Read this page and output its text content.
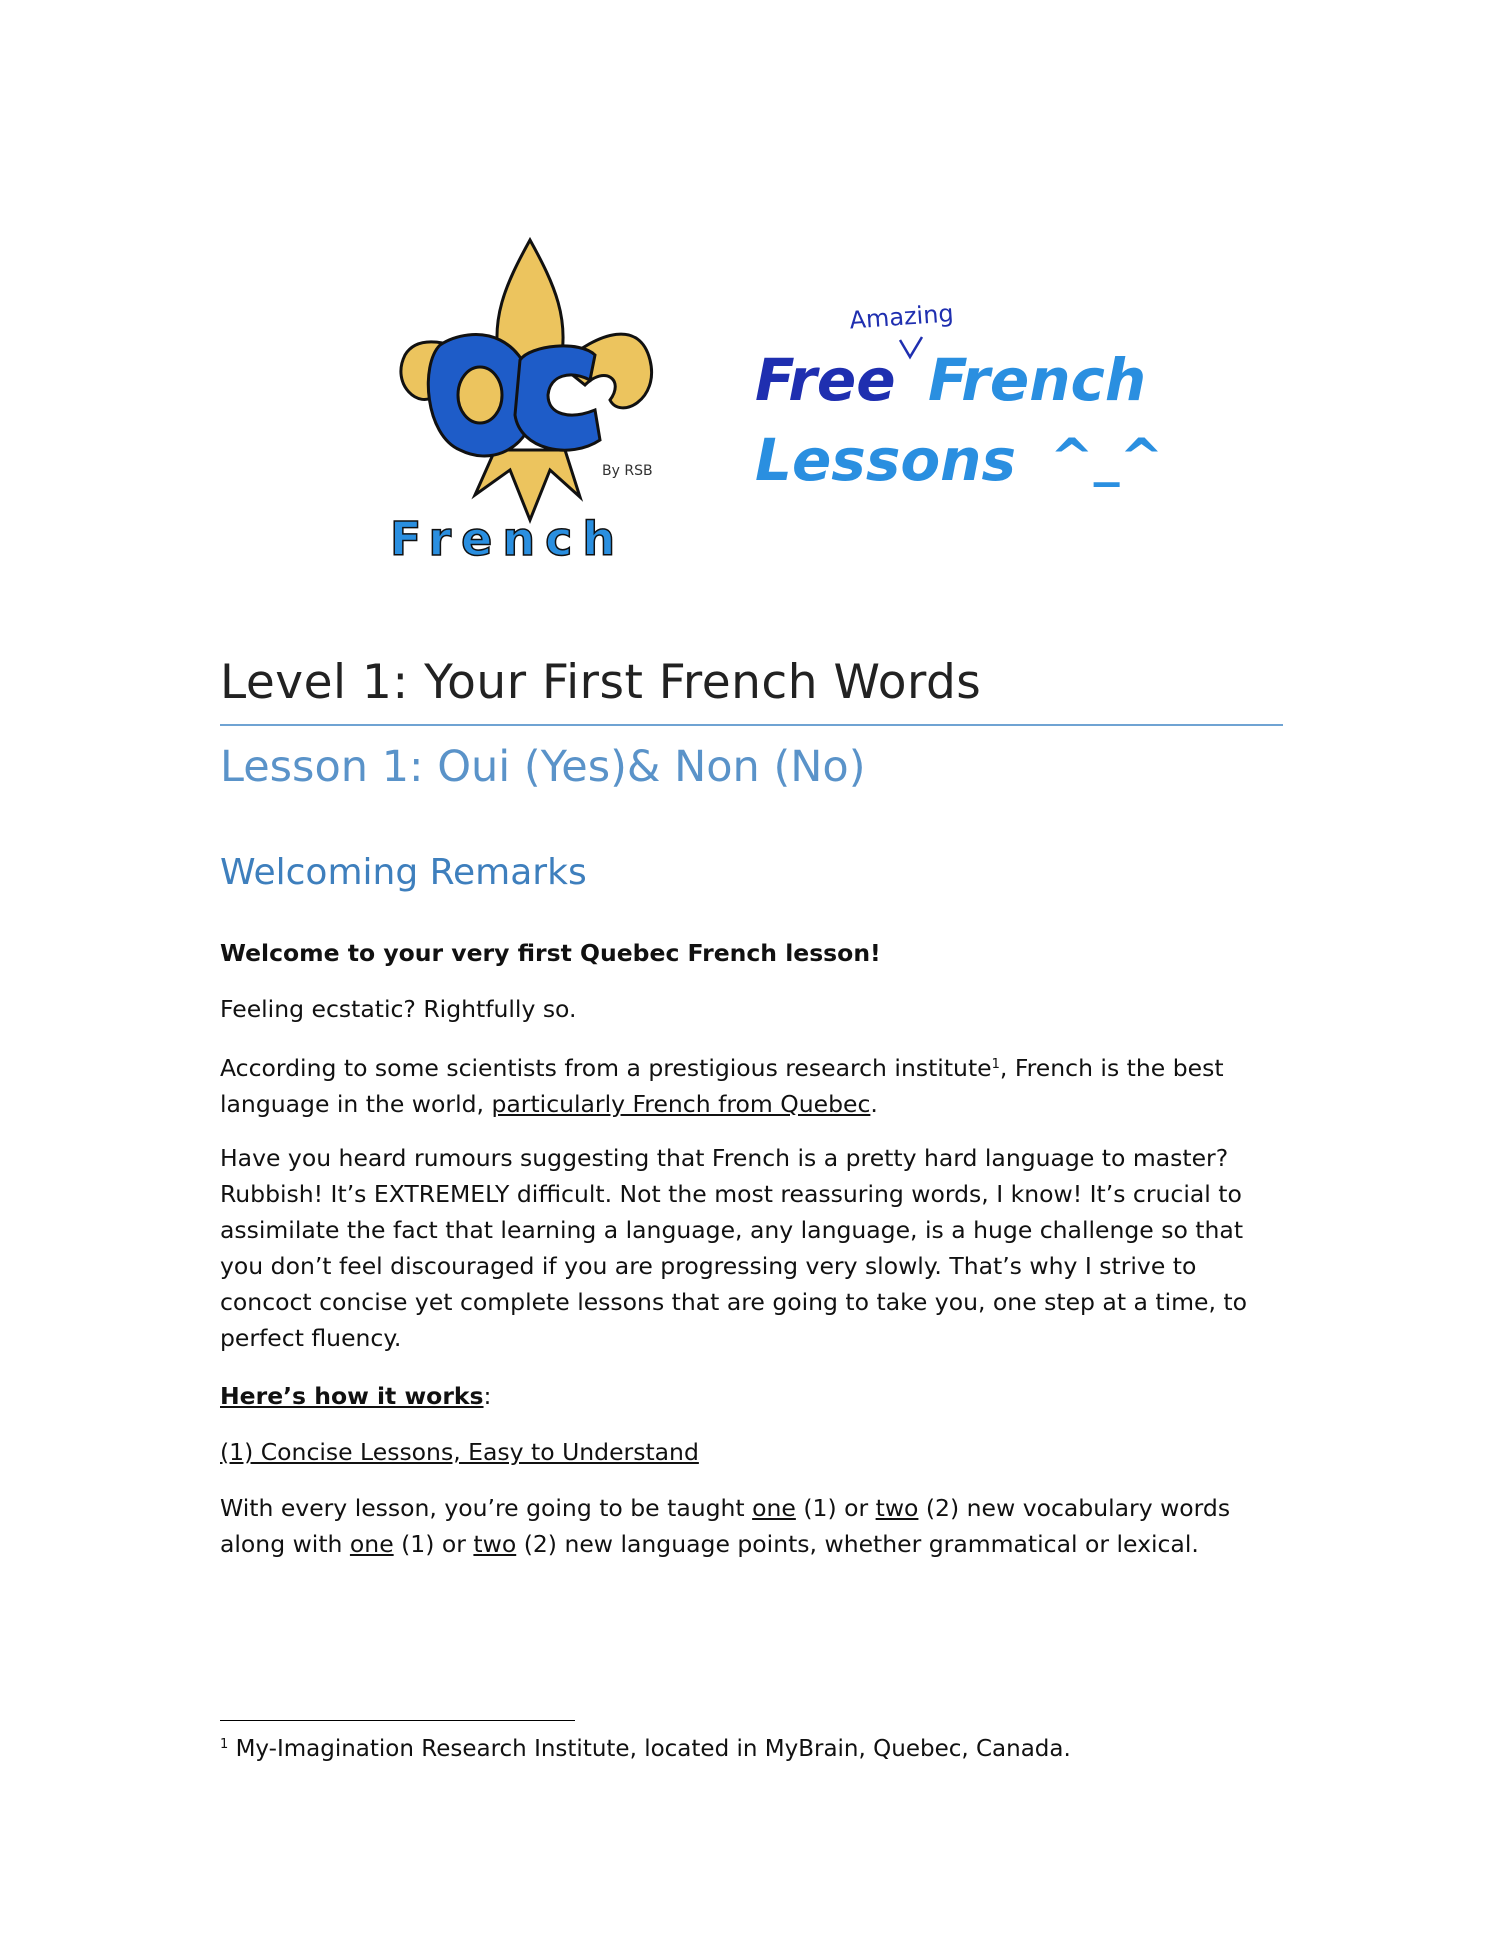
By RSB
French
Amazing
Free French
Lessons ^_^
Level 1: Your First French Words
Lesson 1: Oui (Yes)& Non (No)
Welcoming Remarks

Welcome to your very first Quebec French lesson!

Feeling ecstatic? Rightfully so.

According to some scientists from a prestigious research institute$^1$, French is the best language in the world, particularly French from Quebec.

Have you heard rumours suggesting that French is a pretty hard language to master? Rubbish! It’s EXTREMELY difficult. Not the most reassuring words, I know! It’s crucial to assimilate the fact that learning a language, any language, is a huge challenge so that you don’t feel discouraged if you are progressing very slowly. That’s why I strive to concoct concise yet complete lessons that are going to take you, one step at a time, to perfect fluency.

Here’s how it works:

(1) Concise Lessons, Easy to Understand

With every lesson, you’re going to be taught one (1) or two (2) new vocabulary words along with one (1) or two (2) new language points, whether grammatical or lexical.

$^1$ My-Imagination Research Institute, located in MyBrain, Quebec, Canada.
